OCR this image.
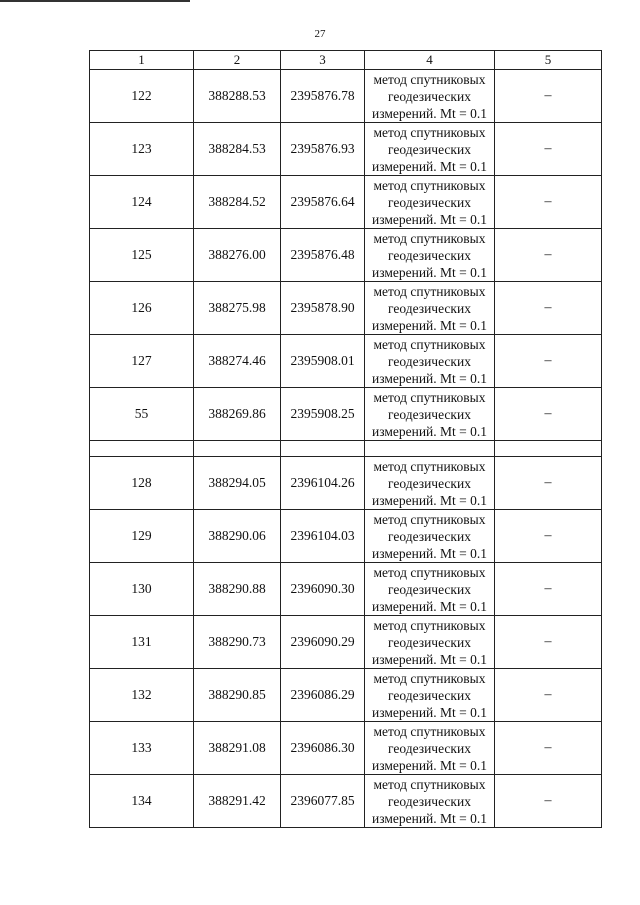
27
1	2	3	4	5
122	388288.53	2395876.78	метод спутниковых
геодезических
измерений. Mt = 0.1	–
123	388284.53	2395876.93	метод спутниковых
геодезических
измерений. Mt = 0.1	–
124	388284.52	2395876.64	метод спутниковых
геодезических
измерений. Mt = 0.1	–
125	388276.00	2395876.48	метод спутниковых
геодезических
измерений. Mt = 0.1	–
126	388275.98	2395878.90	метод спутниковых
геодезических
измерений. Mt = 0.1	–
127	388274.46	2395908.01	метод спутниковых
геодезических
измерений. Mt = 0.1	–
55	388269.86	2395908.25	метод спутниковых
геодезических
измерений. Mt = 0.1	–

128	388294.05	2396104.26	метод спутниковых
геодезических
измерений. Mt = 0.1	–
129	388290.06	2396104.03	метод спутниковых
геодезических
измерений. Mt = 0.1	–
130	388290.88	2396090.30	метод спутниковых
геодезических
измерений. Mt = 0.1	–
131	388290.73	2396090.29	метод спутниковых
геодезических
измерений. Mt = 0.1	–
132	388290.85	2396086.29	метод спутниковых
геодезических
измерений. Mt = 0.1	–
133	388291.08	2396086.30	метод спутниковых
геодезических
измерений. Mt = 0.1	–
134	388291.42	2396077.85	метод спутниковых
геодезических
измерений. Mt = 0.1	–
